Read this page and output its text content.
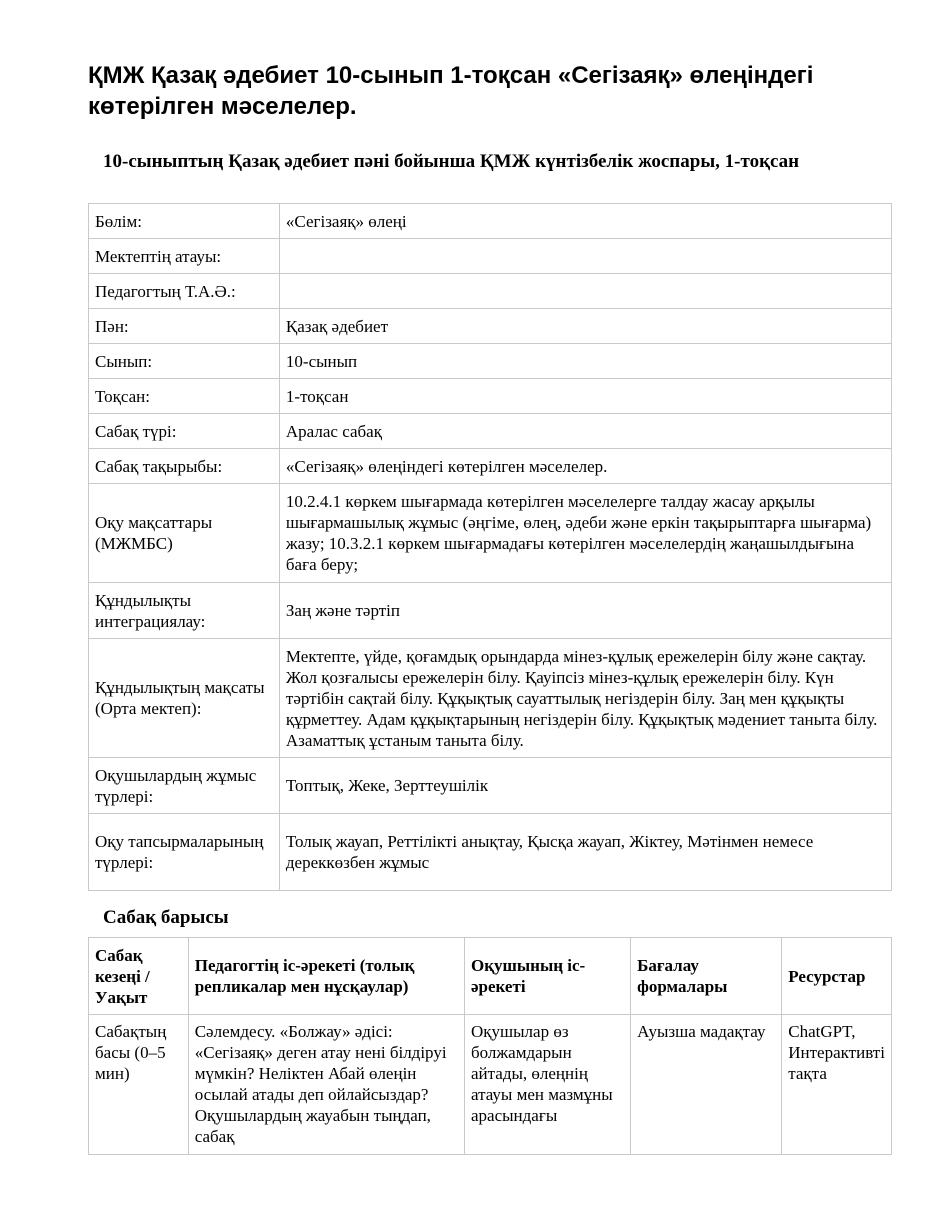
ҚМЖ Қазақ әдебиет 10-сынып 1-тоқсан «Сегізаяқ» өлеңіндегі көтерілген мәселелер.
10-сыныптың Қазақ әдебиет пәні бойынша ҚМЖ күнтізбелік жоспары, 1-тоқсан
Бөлім:	«Сегізаяқ» өлеңі
Мектептің атауы:	
Педагогтың Т.А.Ә.:	
Пән:	Қазақ әдебиет
Сынып:	10-сынып
Тоқсан:	1-тоқсан
Сабақ түрі:	Аралас сабақ
Сабақ тақырыбы:	«Сегізаяқ» өлеңіндегі көтерілген мәселелер.
Оқу мақсаттары (МЖМБС)	10.2.4.1 көркем шығармада көтерілген мәселелерге талдау жасау арқылы шығармашылық жұмыс (әңгіме, өлең, әдеби және еркін тақырыптарға шығарма) жазу; 10.3.2.1 көркем шығармадағы көтерілген мәселелердің жаңашылдығына баға беру;
Құндылықты интеграциялау:	Заң және тәртіп
Құндылықтың мақсаты (Орта мектеп):	Мектепте, үйде, қоғамдық орындарда мінез-құлық ережелерін білу және сақтау. Жол қозғалысы ережелерін білу. Қауіпсіз мінез-құлық ережелерін білу. Күн тәртібін сақтай білу. Құқықтық сауаттылық негіздерін білу. Заң мен құқықты құрметтеу. Адам құқықтарының негіздерін білу. Құқықтық мәдениет таныта білу. Азаматтық ұстаным таныта білу.
Оқушылардың жұмыс түрлері:	Топтық, Жеке, Зерттеушілік
Оқу тапсырмаларының түрлері:	Толық жауап, Реттілікті анықтау, Қысқа жауап, Жіктеу, Мәтінмен немесе дереккөзбен жұмыс
Сабақ барысы
Сабақ кезеңі / Уақыт	Педагогтің іс-әрекеті (толық репликалар мен нұсқаулар)	Оқушының іс-әрекеті	Бағалау формалары	Ресурстар
Сабақтың басы (0–5 мин)	Сәлемдесу. «Болжау» әдісі: «Сегізаяқ» деген атау нені білдіруі мүмкін? Неліктен Абай өлеңін осылай атады деп ойлайсыздар? Оқушылардың жауабын тыңдап, сабақ	Оқушылар өз болжамдарын айтады, өлеңнің атауы мен мазмұны арасындағы	Ауызша мадақтау	ChatGPT, Интерактивті тақта
